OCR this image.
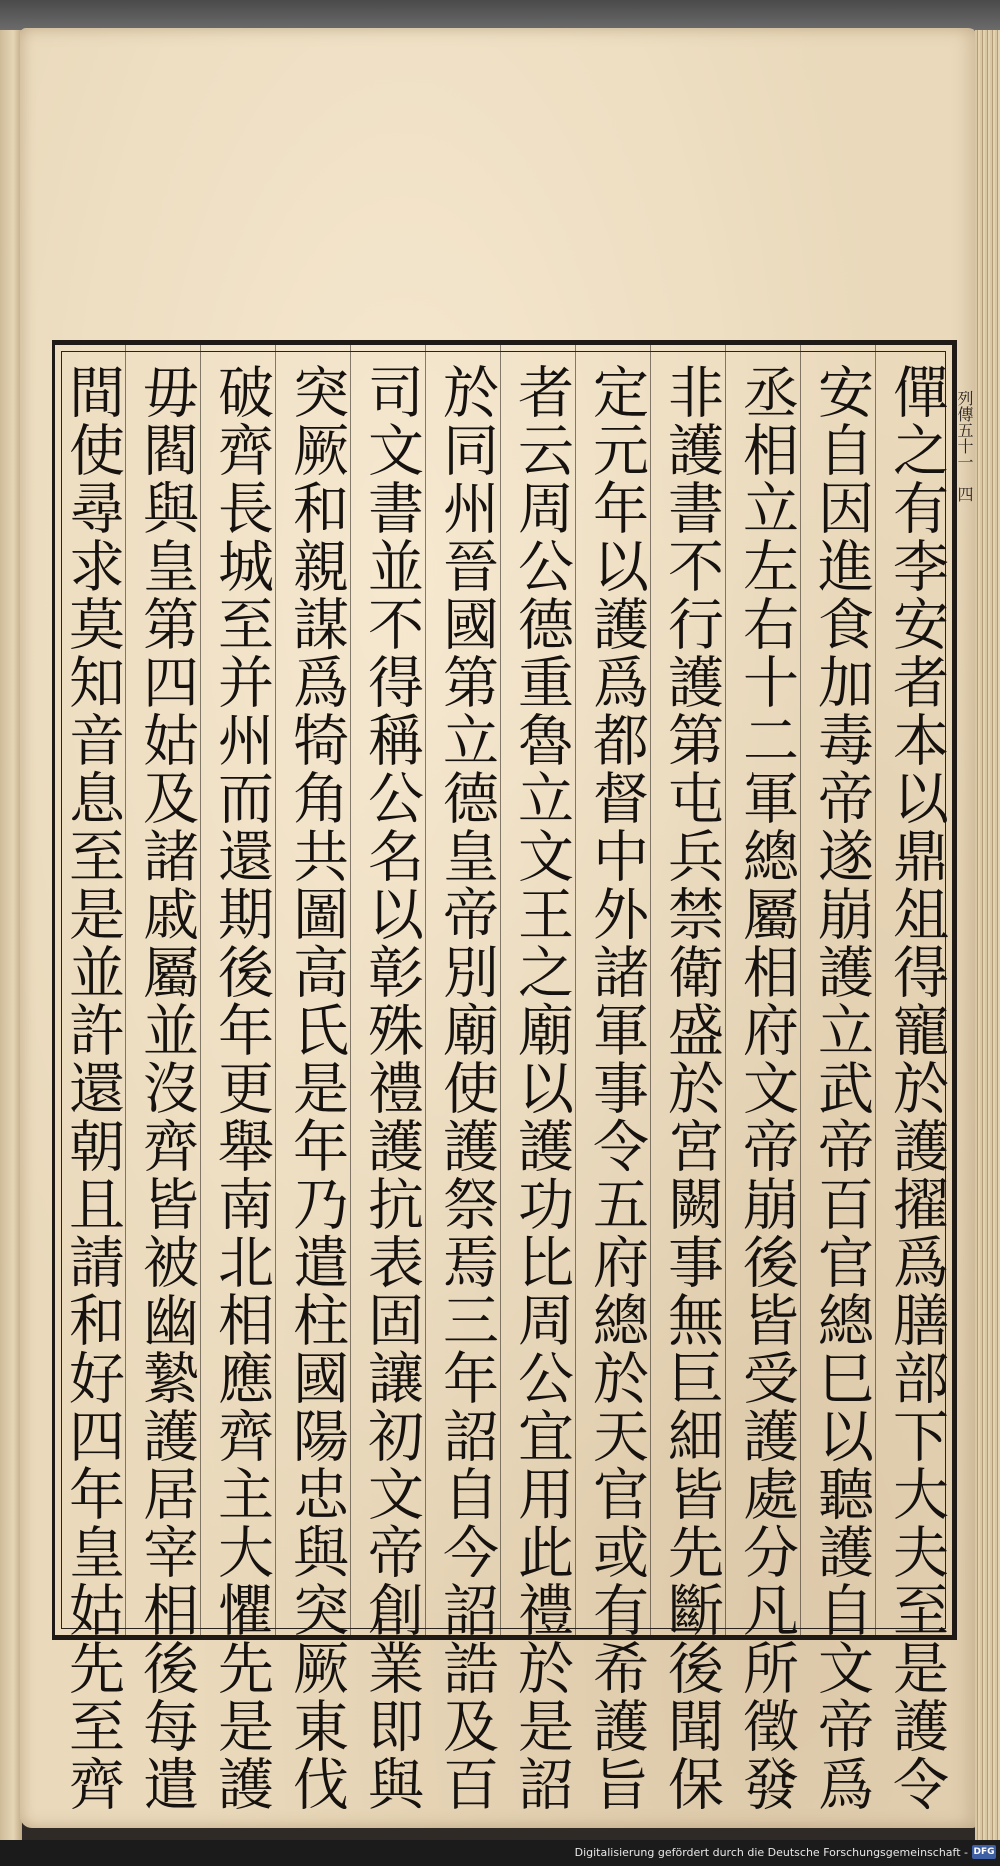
列傳五十一　四
僤之有李安者本以鼎俎得寵於護擢爲膳部下大夫至是護令
安自因進食加毒帝遂崩護立武帝百官總巳以聽護自文帝爲
丞相立左右十二軍總屬相府文帝崩後皆受護處分凡所徵發
非護書不行護第屯兵禁衛盛於宮闕事無巨細皆先斷後聞保
定元年以護爲都督中外諸軍事令五府總於天官或有希護旨
者云周公德重魯立文王之廟以護功比周公宜用此禮於是詔
於同州晉國第立德皇帝別廟使護祭焉三年詔自今詔誥及百
司文書並不得稱公名以彰殊禮護抗表固讓初文帝創業即與
突厥和親謀爲犄角共圖高氏是年乃遣柱國陽忠與突厥東伐
破齊長城至并州而還期後年更舉南北相應齊主大懼先是護
毋閻與皇第四姑及諸戚屬並沒齊皆被幽縶護居宰相後每遣
間使尋求莫知音息至是並許還朝且請和好四年皇姑先至齊
Digitalisierung gefördert durch die Deutsche Forschungsgemeinschaft - DFG
